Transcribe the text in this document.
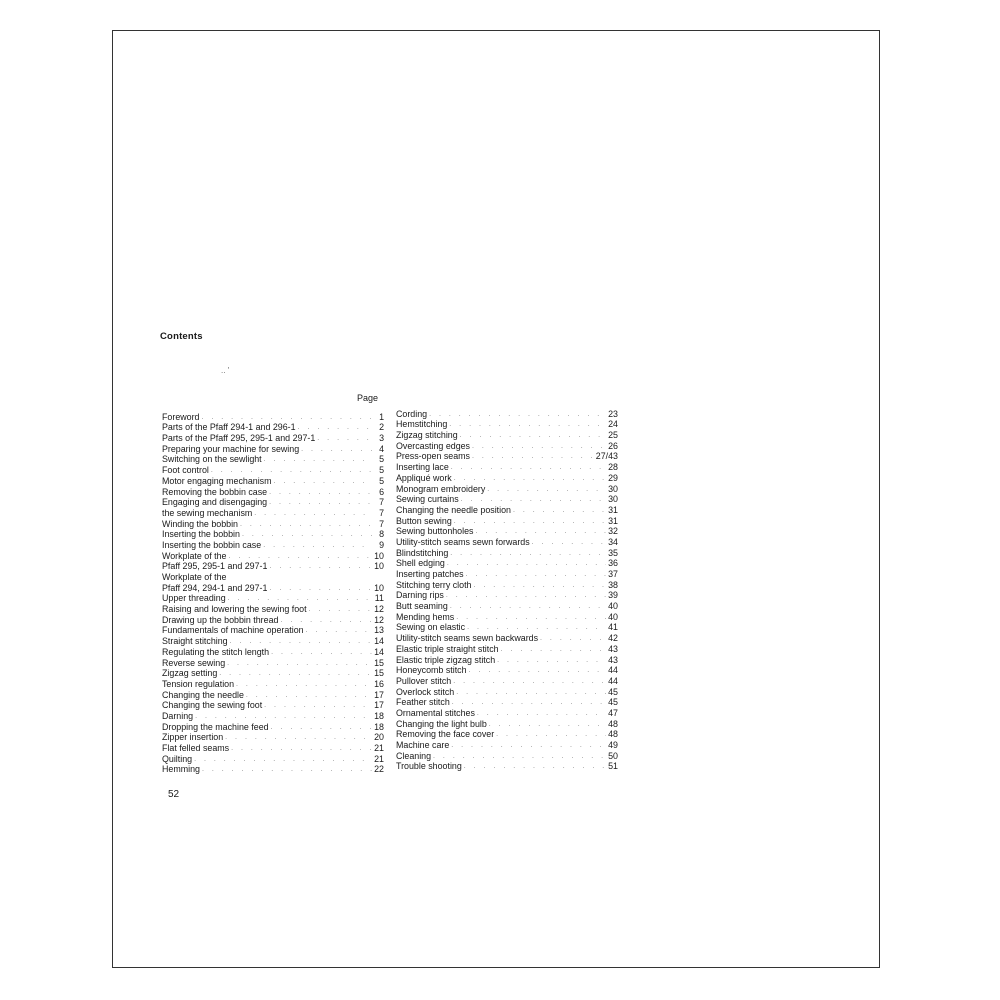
Contents
.. '
Page
Foreword . . .	1
Parts of the Pfaff 294-1 and 296-1 . . .	2
Parts of the Pfaff 295, 295-1 and 297-1 . . .	3
Preparing your machine for sewing . . .	4
Switching on the sewlight . . .	5
Foot control . . .	5
Motor engaging mechanism . . .	5
Removing the bobbin case . . .	6
Engaging and disengaging . . .	7
the sewing mechanism . . .	7
Winding the bobbin . . .	7
Inserting the bobbin . . .	8
Inserting the bobbin case . . .	9
Workplate of the . . .	10
Pfaff 295, 295-1 and 297-1 . . .	10
Workplate of the
Pfaff 294, 294-1 and 297-1 . . .	10
Upper threading . . .	11
Raising and lowering the sewing foot . . .	12
Drawing up the bobbin thread . . .	12
Fundamentals of machine operation . . .	13
Straight stitching . . .	14
Regulating the stitch length . . .	14
Reverse sewing . . .	15
Zigzag setting . . .	15
Tension regulation . . .	16
Changing the needle . . .	17
Changing the sewing foot . . .	17
Darning . . .	18
Dropping the machine feed . . .	18
Zipper insertion . . .	20
Flat felled seams . . .	21
Quilting . . .	21
Hemming . . .	22
Cording . . .	23
Hemstitching . . .	24
Zigzag stitching . . .	25
Overcasting edges . . .	26
Press-open seams . . .	27/43
Inserting lace . . .	28
Appliqué work . . .	29
Monogram embroidery . . .	30
Sewing curtains . . .	30
Changing the needle position . . .	31
Button sewing . . .	31
Sewing buttonholes . . .	32
Utility-stitch seams sewn forwards . . .	34
Blindstitching . . .	35
Shell edging . . .	36
Inserting patches . . .	37
Stitching terry cloth . . .	38
Darning rips . . .	39
Butt seaming . . .	40
Mending hems . . .	40
Sewing on elastic . . .	41
Utility-stitch seams sewn backwards . . .	42
Elastic triple straight stitch . . .	43
Elastic triple zigzag stitch . . .	43
Honeycomb stitch . . .	44
Pullover stitch . . .	44
Overlock stitch . . .	45
Feather stitch . . .	45
Ornamental stitches . . .	47
Changing the light bulb . . .	48
Removing the face cover . . .	48
Machine care . . .	49
Cleaning . . .	50
Trouble shooting . . .	51
52
